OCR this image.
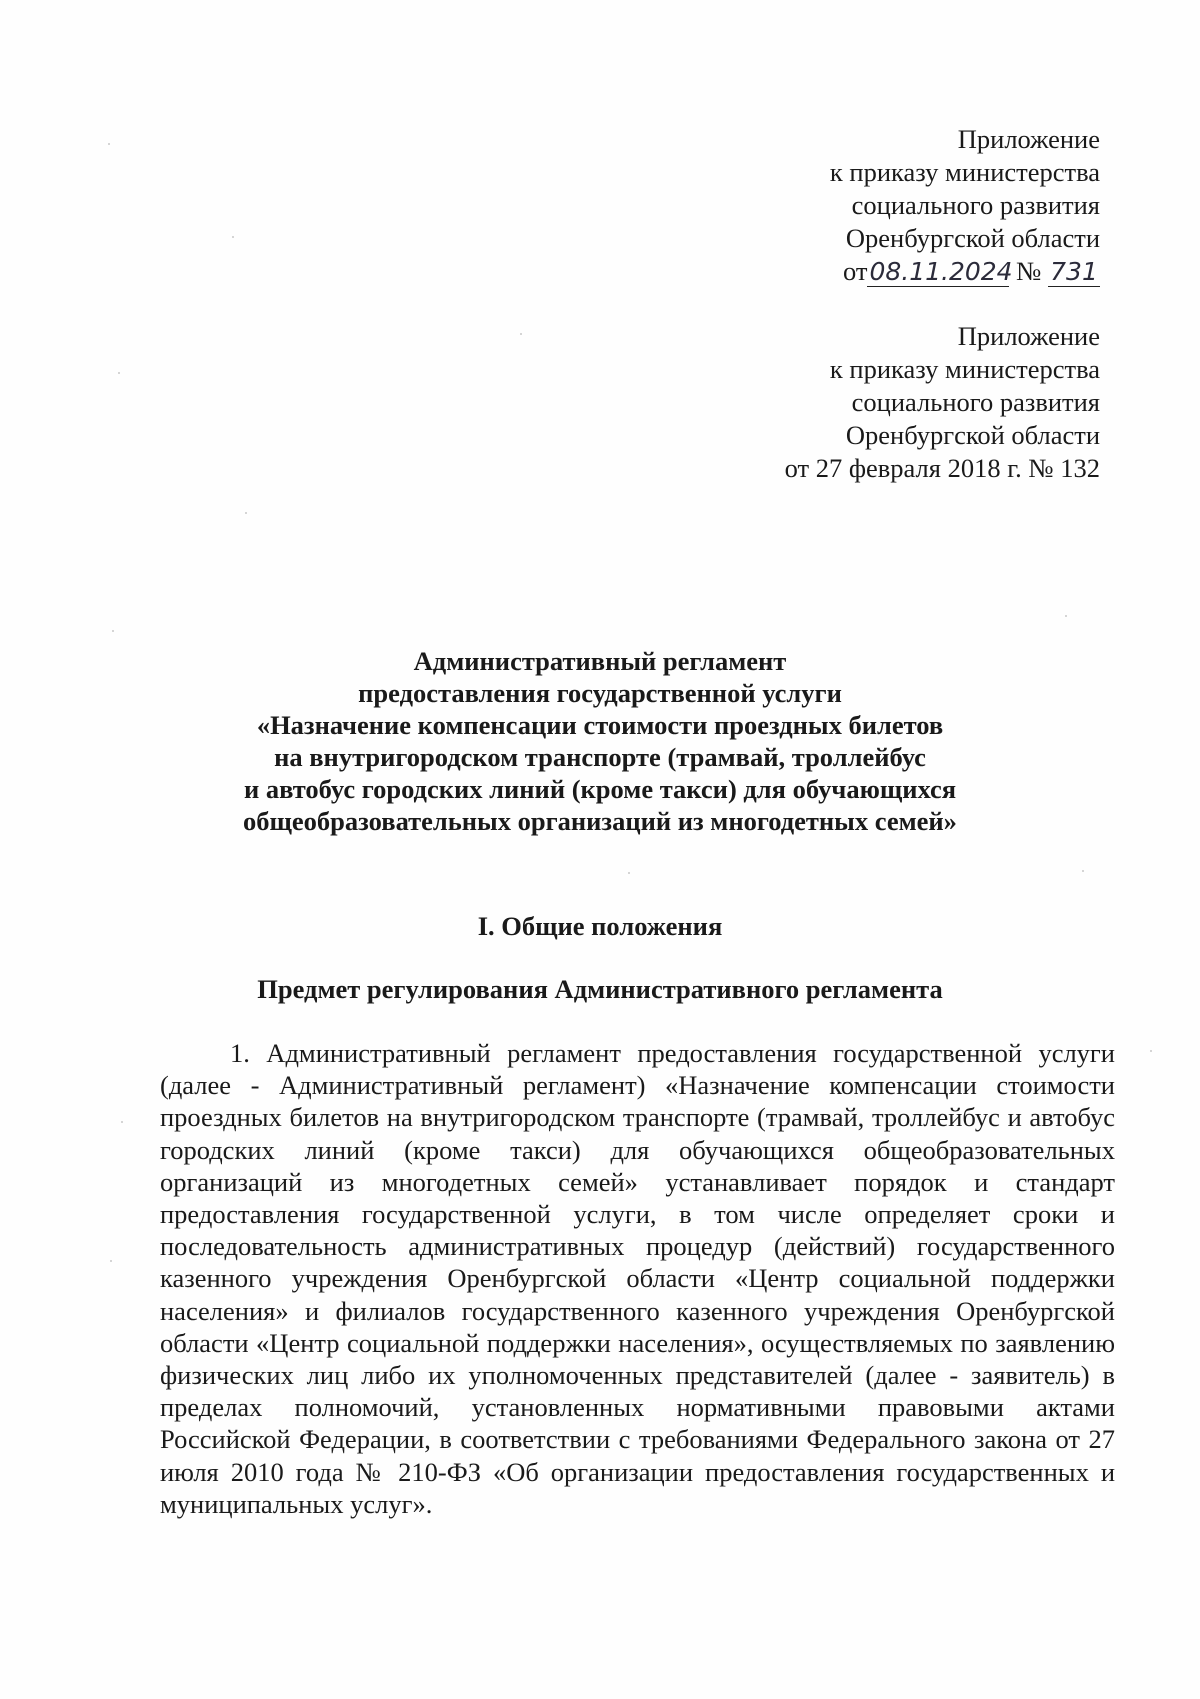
Приложение
к приказу министерства
социального развития
Оренбургской области
от08.11.2024 № 731
Приложение
к приказу министерства
социального развития
Оренбургской области
от 27 февраля 2018 г. № 132
Административный регламент
предоставления государственной услуги
«Назначение компенсации стоимости проездных билетов
на внутригородском транспорте (трамвай, троллейбус
и автобус городских линий (кроме такси) для обучающихся
общеобразовательных организаций из многодетных семей»
I. Общие положения
Предмет регулирования Административного регламента

1. Административный регламент предоставления государственной услуги (далее - Административный регламент) «Назначение компенсации стоимости проездных билетов на внутригородском транспорте (трамвай, троллейбус и автобус городских линий (кроме такси) для обучающихся общеобразовательных организаций из многодетных семей» устанавливает порядок и стандарт предоставления государственной услуги, в том числе определяет сроки и последовательность административных процедур (действий) государственного казенного учреждения Оренбургской области «Центр социальной поддержки населения» и филиалов государственного казенного учреждения Оренбургской области «Центр социальной поддержки населения», осуществляемых по заявлению физических лиц либо их уполномоченных представителей (далее - заявитель) в пределах полномочий, установленных нормативными правовыми актами Российской Федерации, в соответствии с требованиями Федерального закона от 27 июля 2010 года № 210-ФЗ «Об организации предоставления государственных и муниципальных услуг».
